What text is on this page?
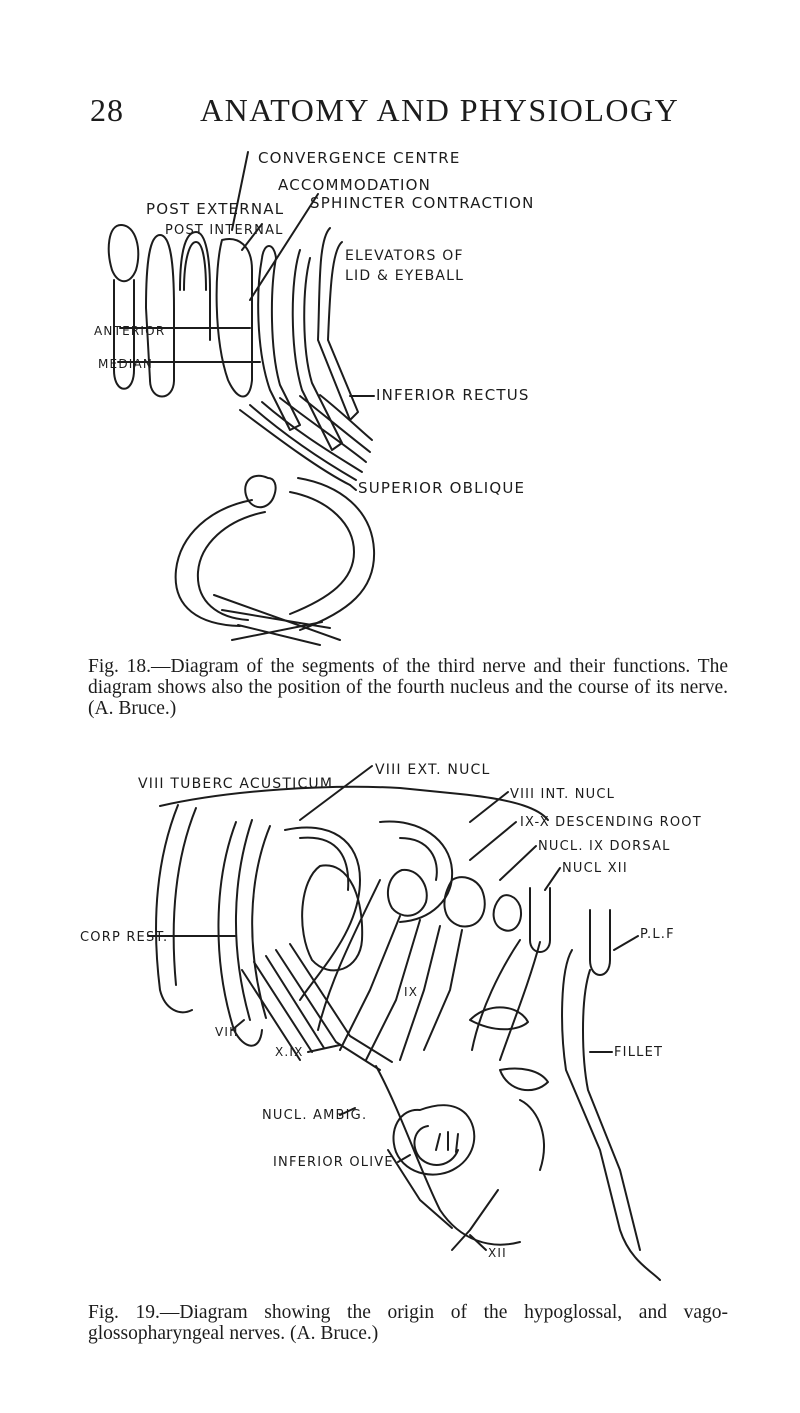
28 ANATOMY AND PHYSIOLOGY
CONVERGENCE CENTRE
ACCOMMODATION
POST EXTERNAL SPHINCTER CONTRACTION
POST INTERNAL
ELEVATORS OF
LID & EYEBALL
ANTERIOR
MEDIAN
INFERIOR RECTUS
SUPERIOR OBLIQUE
Fig. 18.—Diagram of the segments of the third nerve and their functions. The diagram shows also the position of the fourth nucleus and the course of its nerve. (A. Bruce.)
VIII EXT. NUCL
VIII TUBERC ACUSTICUM
VIII INT. NUCL
IX-X DESCENDING ROOT
NUCL. IX DORSAL
NUCL XII
CORP REST.	P.L.F
VIII
X.IX
IX
FILLET
NUCL. AMBIG.
INFERIOR OLIVE
XII
Fig. 19.—Diagram showing the origin of the hypoglossal, and vago-glossopharyngeal nerves. (A. Bruce.)
